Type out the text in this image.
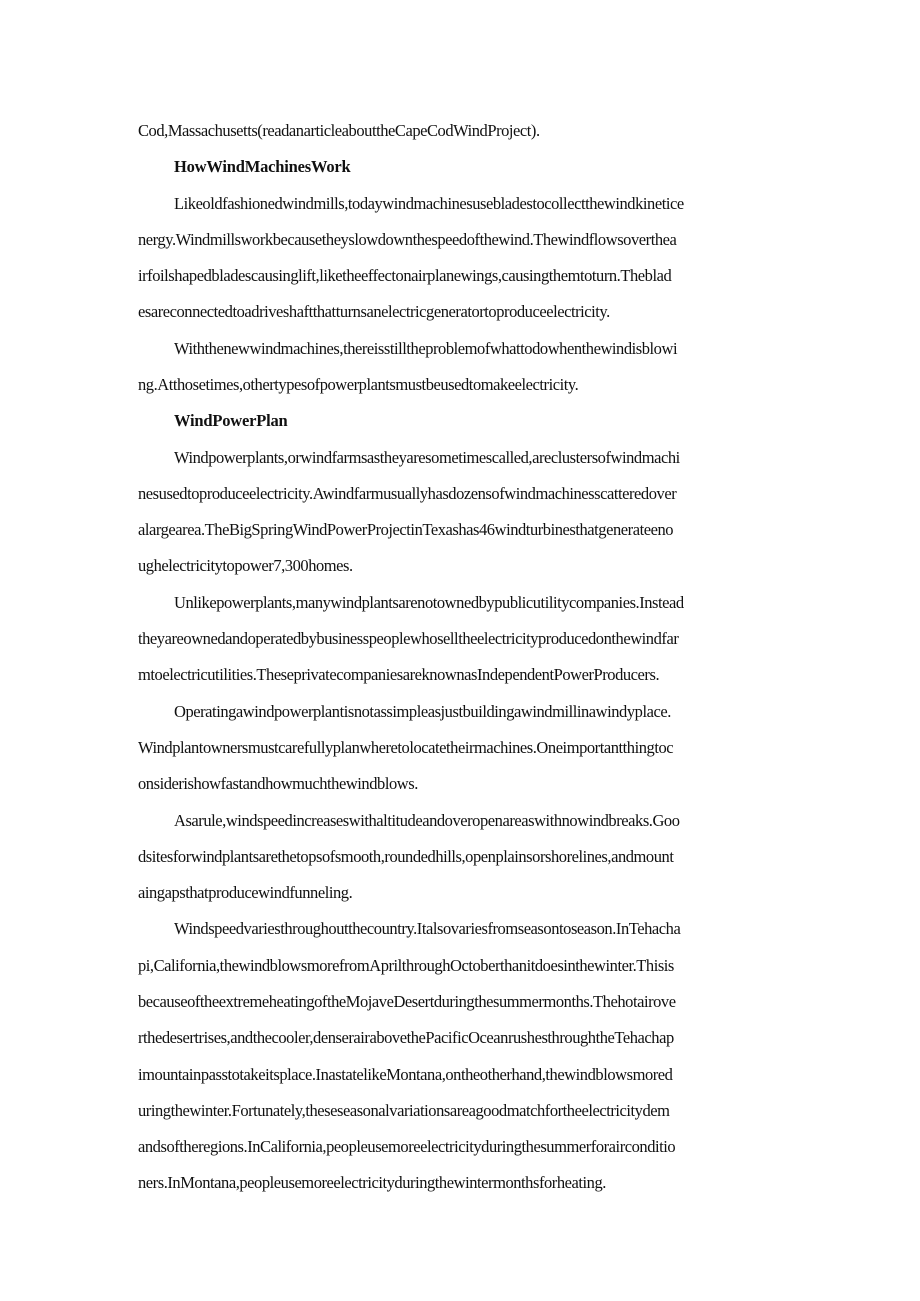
Cod,Massachusetts(readanarticleabouttheCapeCodWindProject).
HowWindMachinesWork
Likeoldfashionedwindmills,todaywindmachinesusebladestocollectthewindkinetice
nergy.Windmillsworkbecausetheyslowdownthespeedofthewind.Thewindflowsoverthea
irfoilshapedbladescausinglift,liketheeffectonairplanewings,causingthemtoturn.Theblad
esareconnectedtoadriveshaftthatturnsanelectricgeneratortoproduceelectricity.
Withthenewwindmachines,thereisstilltheproblemofwhattodowhenthewindisblowi
ng.Atthosetimes,othertypesofpowerplantsmustbeusedtomakeelectricity.
WindPowerPlan
Windpowerplants,orwindfarmsastheyaresometimescalled,areclustersofwindmachi
nesusedtoproduceelectricity.Awindfarmusuallyhasdozensofwindmachinesscatteredover
alargearea.TheBigSpringWindPowerProjectinTexashas46windturbinesthatgenerateeno
ughelectricitytopower7,300homes.
Unlikepowerplants,manywindplantsarenotownedbypublicutilitycompanies.Instead
theyareownedandoperatedbybusinesspeoplewhoselltheelectricityproducedonthewindfar
mtoelectricutilities.TheseprivatecompaniesareknownasIndependentPowerProducers.
Operatingawindpowerplantisnotassimpleasjustbuildingawindmillinawindyplace.
Windplantownersmustcarefullyplanwheretolocatetheirmachines.Oneimportantthingtoc
onsiderishowfastandhowmuchthewindblows.
Asarule,windspeedincreaseswithaltitudeandoveropenareaswithnowindbreaks.Goo
dsitesforwindplantsarethetopsofsmooth,roundedhills,openplainsorshorelines,andmount
aingapsthatproducewindfunneling.
Windspeedvariesthroughoutthecountry.Italsovariesfromseasontoseason.InTehacha
pi,California,thewindblowsmorefromAprilthroughOctoberthanitdoesinthewinter.Thisis
becauseoftheextremeheatingoftheMojaveDesertduringthesummermonths.Thehotairove
rthedesertrises,andthecooler,denserairabovethePacificOceanrushesthroughtheTehachap
imountainpasstotakeitsplace.InastatelikeMontana,ontheotherhand,thewindblowsmored
uringthewinter.Fortunately,theseseasonalvariationsareagoodmatchfortheelectricitydem
andsoftheregions.InCalifornia,peopleusemoreelectricityduringthesummerforairconditio
ners.InMontana,peopleusemoreelectricityduringthewintermonthsforheating.
